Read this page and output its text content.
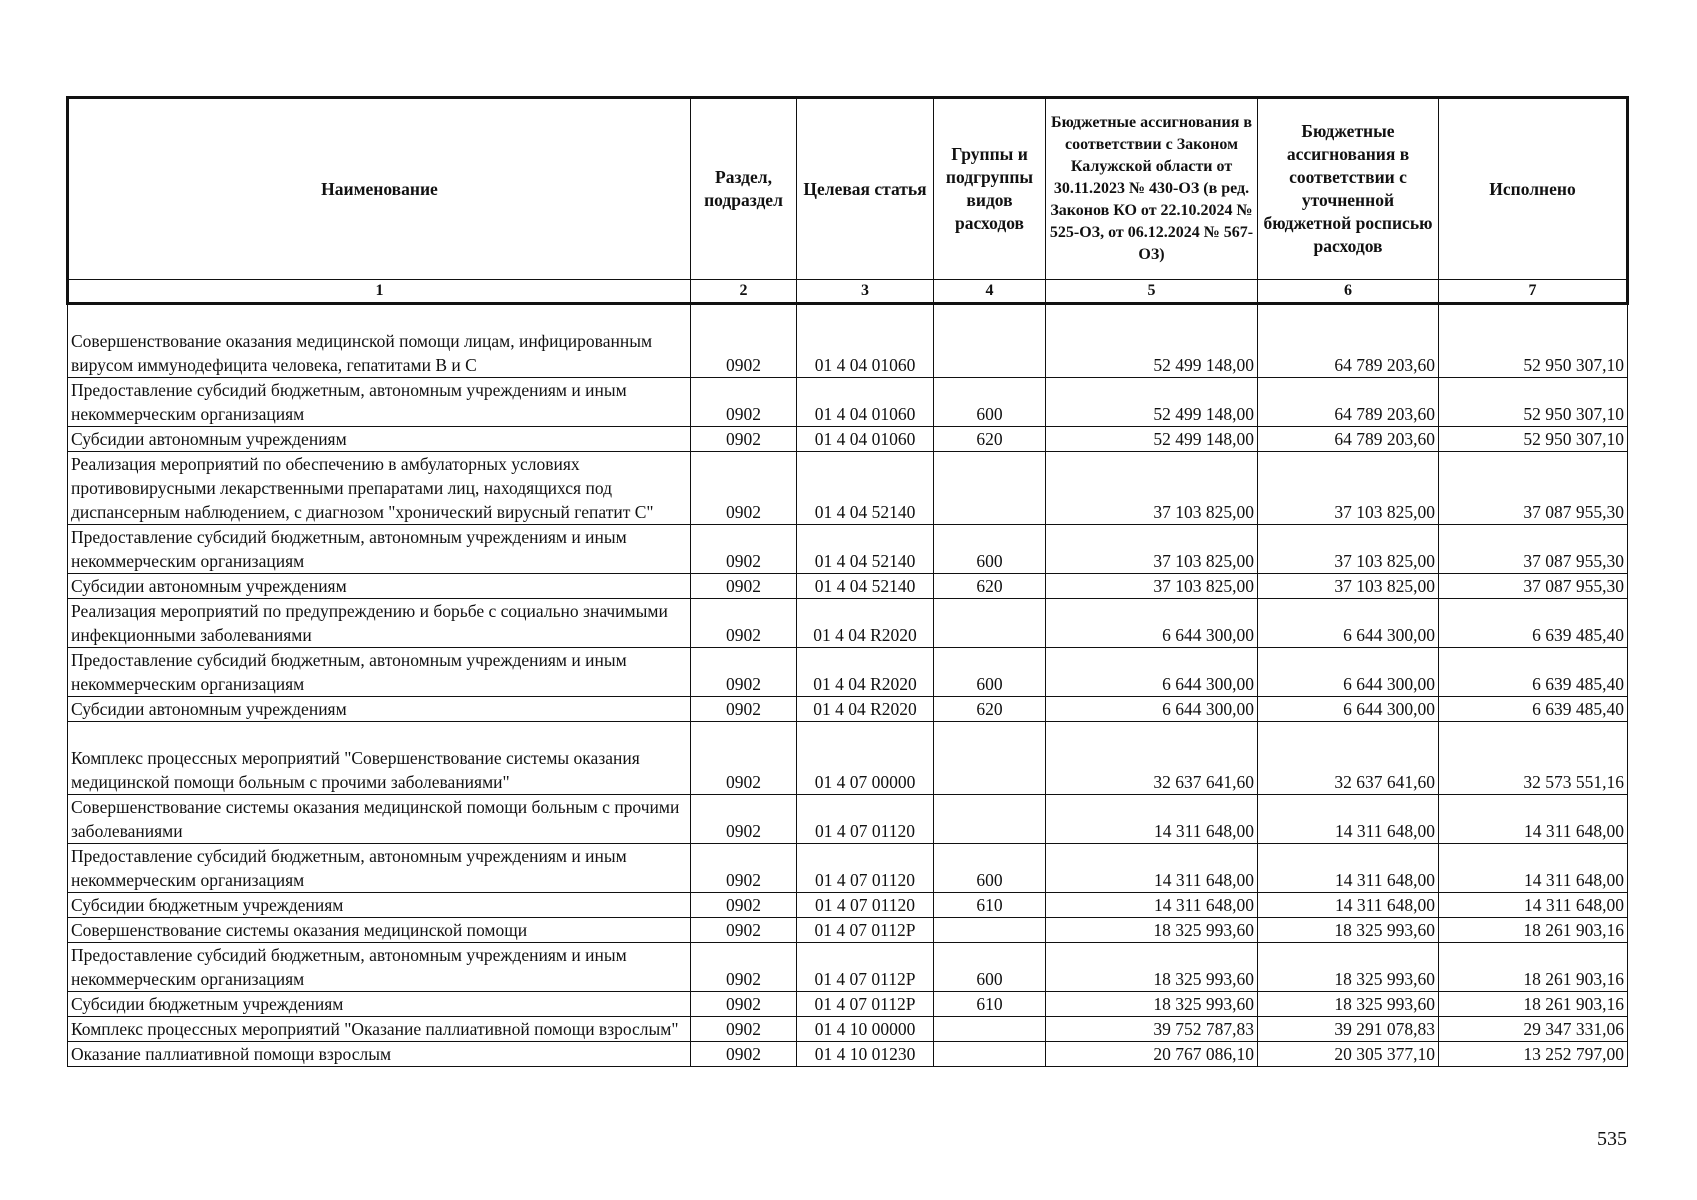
Наименование	Раздел, подраздел	Целевая статья	Группы и подгруппы видов расходов	Бюджетные ассигнования в соответствии с Законом Калужской области от 30.11.2023 № 430-ОЗ (в ред. Законов КО от 22.10.2024 № 525-ОЗ, от 06.12.2024 № 567-ОЗ)	Бюджетные ассигнования в соответствии с уточненной бюджетной росписью расходов	Исполнено
1	2	3	4	5	6	7
Совершенствование оказания медицинской помощи лицам, инфицированным вирусом иммунодефицита человека, гепатитами В и С	0902	01 4 04 01060		52 499 148,00	64 789 203,60	52 950 307,10
Предоставление субсидий бюджетным, автономным учреждениям и иным некоммерческим организациям	0902	01 4 04 01060	600	52 499 148,00	64 789 203,60	52 950 307,10
Субсидии автономным учреждениям	0902	01 4 04 01060	620	52 499 148,00	64 789 203,60	52 950 307,10
Реализация мероприятий по обеспечению в амбулаторных условиях противовирусными лекарственными препаратами лиц, находящихся под диспансерным наблюдением, с диагнозом "хронический вирусный гепатит С"	0902	01 4 04 52140		37 103 825,00	37 103 825,00	37 087 955,30
Предоставление субсидий бюджетным, автономным учреждениям и иным некоммерческим организациям	0902	01 4 04 52140	600	37 103 825,00	37 103 825,00	37 087 955,30
Субсидии автономным учреждениям	0902	01 4 04 52140	620	37 103 825,00	37 103 825,00	37 087 955,30
Реализация мероприятий по предупреждению и борьбе с социально значимыми инфекционными заболеваниями	0902	01 4 04 R2020		6 644 300,00	6 644 300,00	6 639 485,40
Предоставление субсидий бюджетным, автономным учреждениям и иным некоммерческим организациям	0902	01 4 04 R2020	600	6 644 300,00	6 644 300,00	6 639 485,40
Субсидии автономным учреждениям	0902	01 4 04 R2020	620	6 644 300,00	6 644 300,00	6 639 485,40
Комплекс процессных мероприятий "Совершенствование системы оказания медицинской помощи больным с прочими заболеваниями"	0902	01 4 07 00000		32 637 641,60	32 637 641,60	32 573 551,16
Совершенствование системы оказания медицинской помощи больным с прочими заболеваниями	0902	01 4 07 01120		14 311 648,00	14 311 648,00	14 311 648,00
Предоставление субсидий бюджетным, автономным учреждениям и иным некоммерческим организациям	0902	01 4 07 01120	600	14 311 648,00	14 311 648,00	14 311 648,00
Субсидии бюджетным учреждениям	0902	01 4 07 01120	610	14 311 648,00	14 311 648,00	14 311 648,00
Совершенствование системы оказания медицинской помощи	0902	01 4 07 0112Р		18 325 993,60	18 325 993,60	18 261 903,16
Предоставление субсидий бюджетным, автономным учреждениям и иным некоммерческим организациям	0902	01 4 07 0112Р	600	18 325 993,60	18 325 993,60	18 261 903,16
Субсидии бюджетным учреждениям	0902	01 4 07 0112Р	610	18 325 993,60	18 325 993,60	18 261 903,16
Комплекс процессных мероприятий "Оказание паллиативной помощи взрослым"	0902	01 4 10 00000		39 752 787,83	39 291 078,83	29 347 331,06
Оказание паллиативной помощи взрослым	0902	01 4 10 01230		20 767 086,10	20 305 377,10	13 252 797,00
535
